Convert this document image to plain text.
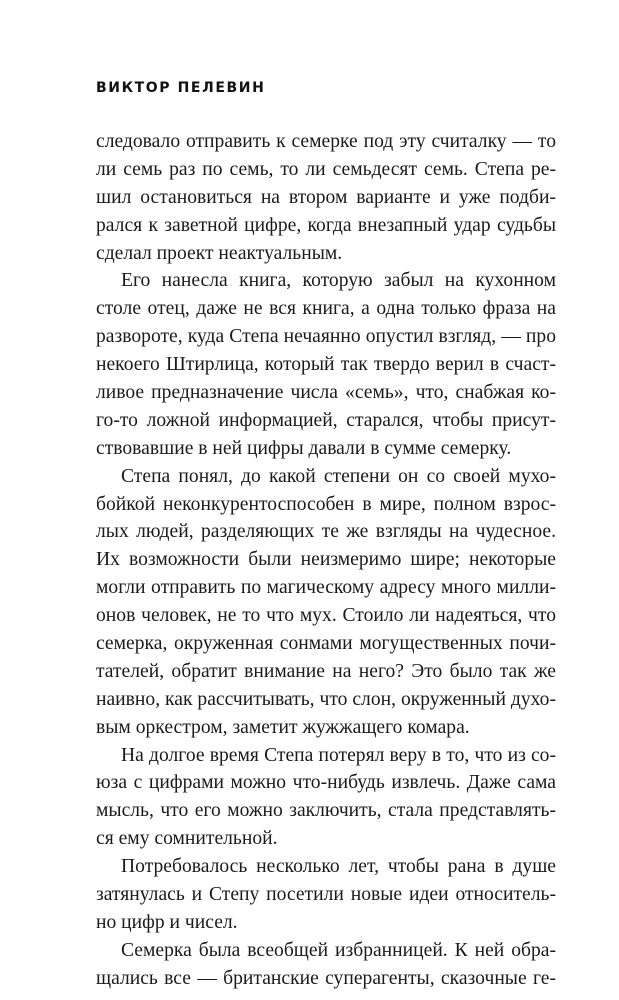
ВИКТОР ПЕЛЕВИН
следовало отправить к семерке под эту считалку — то
ли семь раз по семь, то ли семьдесят семь. Степа ре-
шил остановиться на втором варианте и уже подби-
рался к заветной цифре, когда внезапный удар судьбы
сделал проект неактуальным.
Его нанесла книга, которую забыл на кухонном
столе отец, даже не вся книга, а одна только фраза на
развороте, куда Степа нечаянно опустил взгляд, — про
некоего Штирлица, который так твердо верил в счаст-
ливое предназначение числа «семь», что, снабжая ко-
го-то ложной информацией, старался, чтобы присут-
ствовавшие в ней цифры давали в сумме семерку.
Степа понял, до какой степени он со своей мухо-
бойкой неконкурентоспособен в мире, полном взрос-
лых людей, разделяющих те же взгляды на чудесное.
Их возможности были неизмеримо шире; некоторые
могли отправить по магическому адресу много милли-
онов человек, не то что мух. Стоило ли надеяться, что
семерка, окруженная сонмами могущественных почи-
тателей, обратит внимание на него? Это было так же
наивно, как рассчитывать, что слон, окруженный духо-
вым оркестром, заметит жужжащего комара.
На долгое время Степа потерял веру в то, что из со-
юза с цифрами можно что-нибудь извлечь. Даже сама
мысль, что его можно заключить, стала представлять-
ся ему сомнительной.
Потребовалось несколько лет, чтобы рана в душе
затянулась и Степу посетили новые идеи относитель-
но цифр и чисел.
Семерка была всеобщей избранницей. К ней обра-
щались все — британские суперагенты, сказочные ге-
